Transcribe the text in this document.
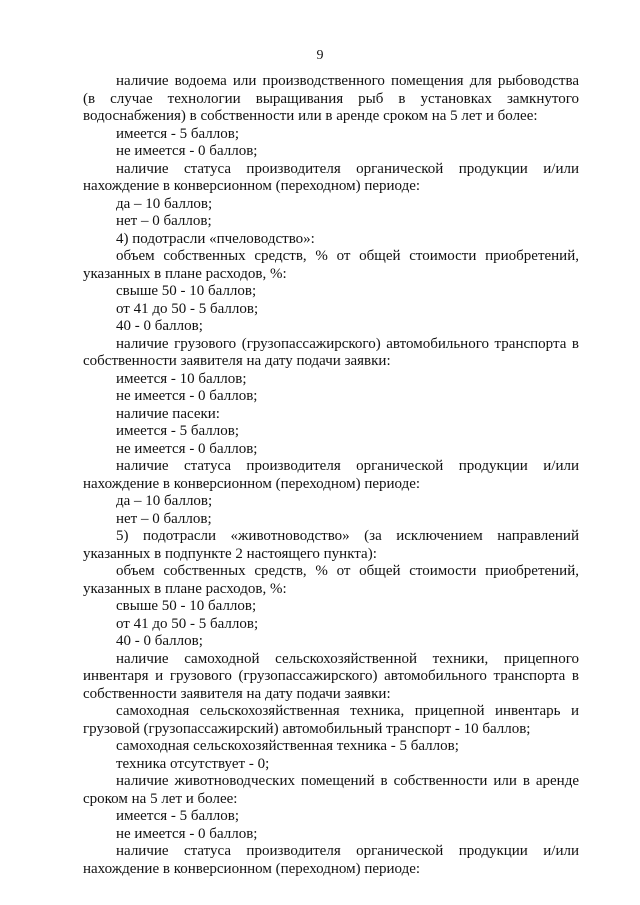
9

наличие водоема или производственного помещения для рыбоводства (в случае технологии выращивания рыб в установках замкнутого водоснабжения) в собственности или в аренде сроком на 5 лет и более:

имеется - 5 баллов;

не имеется - 0 баллов;

наличие статуса производителя органической продукции и/или нахождение в конверсионном (переходном) периоде:

да – 10 баллов;

нет – 0 баллов;

4) подотрасли «пчеловодство»:

объем собственных средств, % от общей стоимости приобретений, указанных в плане расходов, %:

свыше 50 - 10 баллов;

от 41 до 50 - 5 баллов;

40 - 0 баллов;

наличие грузового (грузопассажирского) автомобильного транспорта в собственности заявителя на дату подачи заявки:

имеется - 10 баллов;

не имеется - 0 баллов;

наличие пасеки:

имеется - 5 баллов;

не имеется - 0 баллов;

наличие статуса производителя органической продукции и/или нахождение в конверсионном (переходном) периоде:

да – 10 баллов;

нет – 0 баллов;

5) подотрасли «животноводство» (за исключением направлений указанных в подпункте 2 настоящего пункта):

объем собственных средств, % от общей стоимости приобретений, указанных в плане расходов, %:

свыше 50 - 10 баллов;

от 41 до 50 - 5 баллов;

40 - 0 баллов;

наличие самоходной сельскохозяйственной техники, прицепного инвентаря и грузового (грузопассажирского) автомобильного транспорта в собственности заявителя на дату подачи заявки:

самоходная сельскохозяйственная техника, прицепной инвентарь и грузовой (грузопассажирский) автомобильный транспорт - 10 баллов;

самоходная сельскохозяйственная техника - 5 баллов;

техника отсутствует - 0;

наличие животноводческих помещений в собственности или в аренде сроком на 5 лет и более:

имеется - 5 баллов;

не имеется - 0 баллов;

наличие статуса производителя органической продукции и/или нахождение в конверсионном (переходном) периоде:
